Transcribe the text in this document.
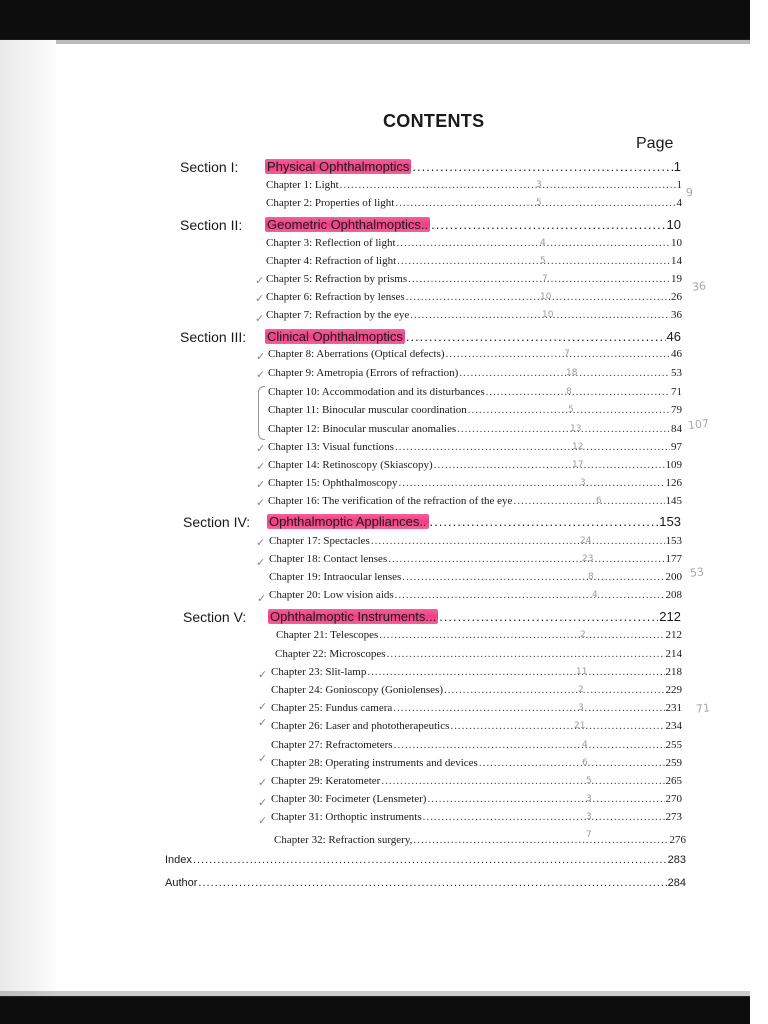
CONTENTS
Page
Section I: Physical Ophthalmoptics .....	1
Chapter 1: Light .....	1
Chapter 2: Properties of light .....	4
Section II: Geometric Ophthalmoptics.. .....	10
Chapter 3: Reflection of light .....	10
Chapter 4: Refraction of light .....	14
Chapter 5: Refraction by prisms .....	19
Chapter 6: Refraction by lenses .....	26
Chapter 7: Refraction by the eye .....	36
Section III: Clinical Ophthalmoptics .....	46
Chapter 8: Aberrations (Optical defects) .....	46
Chapter 9: Ametropia (Errors of refraction) .....	53
Chapter 10: Accommodation and its disturbances .....	71
Chapter 11: Binocular muscular coordination .....	79
Chapter 12: Binocular muscular anomalies .....	84
Chapter 13: Visual functions .....	97
Chapter 14: Retinoscopy (Skiascopy) .....	109
Chapter 15: Ophthalmoscopy .....	126
Chapter 16: The verification of the refraction of the eye .....	145
Section IV: Ophthalmoptic Appliances.. .....	153
Chapter 17: Spectacles .....	153
Chapter 18: Contact lenses .....	177
Chapter 19: Intraocular lenses .....	200
Chapter 20: Low vision aids .....	208
Section V: Ophthalmoptic Instruments... .....	212
Chapter 21: Telescopes .....	212
Chapter 22: Microscopes .....	214
Chapter 23: Slit-lamp .....	218
Chapter 24: Gonioscopy (Goniolenses) .....	229
Chapter 25: Fundus camera .....	231
Chapter 26: Laser and phototherapeutics .....	234
Chapter 27: Refractometers .....	255
Chapter 28: Operating instruments and devices .....	259
Chapter 29: Keratometer .....	265
Chapter 30: Focimeter (Lensmeter) .....	270
Chapter 31: Orthoptic instruments .....	273
Chapter 32: Refraction surgery, .....	276
Index .....	283
Author .....	284
3
5
4
5
7
10
10
7
18
8
5
13
12
17
3
6
24
23
8
4
2
11
2
3
21
4
6
5
3
3
7
9
36
107
53
71
✓
✓
✓
✓
✓
✓
✓
✓
✓
✓
✓
✓
✓
✓
✓
✓
✓
✓
✓
